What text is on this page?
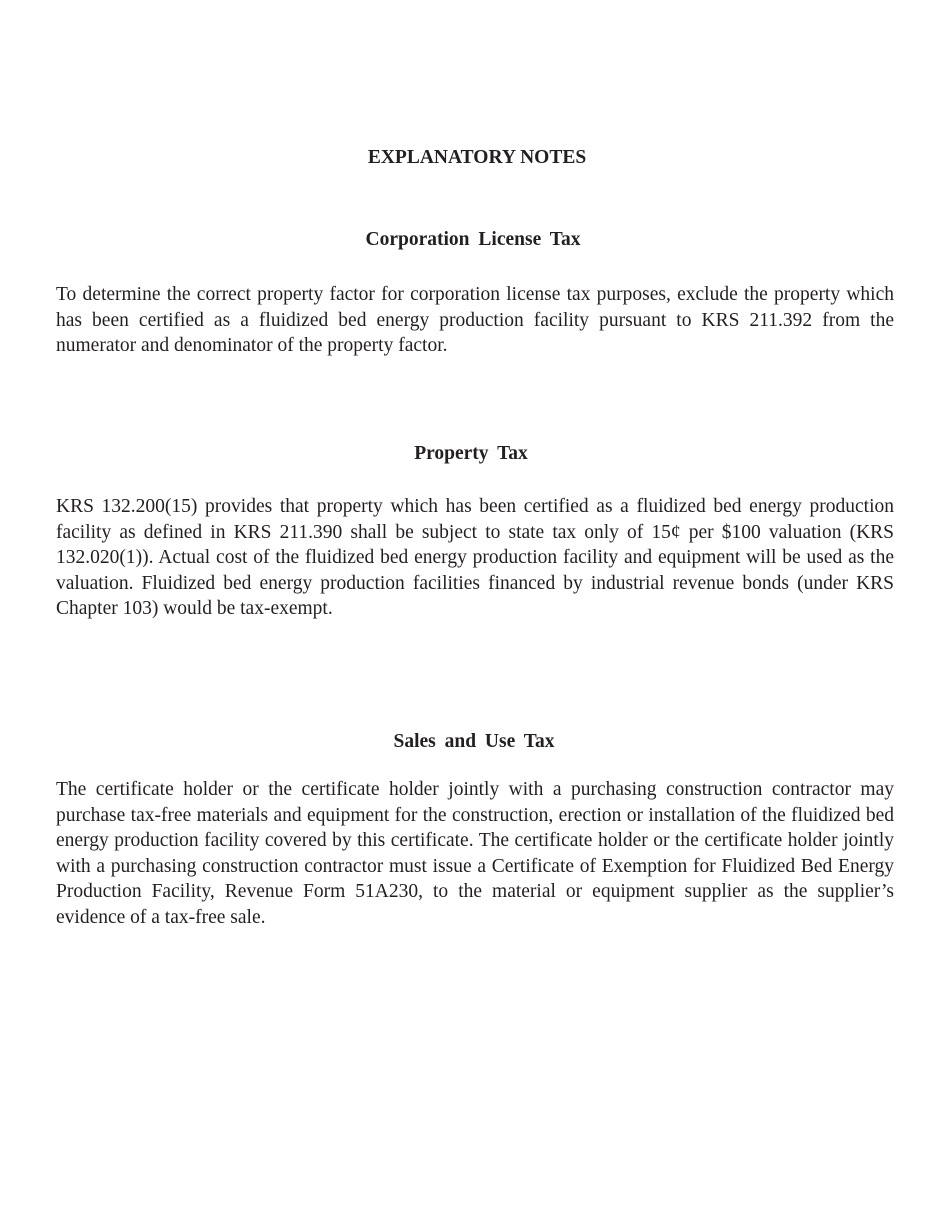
EXPLANATORY NOTES
Corporation License Tax

To determine the correct property factor for corporation license tax purposes, exclude the property which has been certified as a fluidized bed energy production facility pursuant to KRS 211.392 from the numerator and denominator of the property factor.

Property Tax

KRS 132.200(15) provides that property which has been certified as a fluidized bed energy production facility as defined in KRS 211.390 shall be subject to state tax only of 15¢ per $100 valuation (KRS 132.020(1)). Actual cost of the fluidized bed energy production facility and equipment will be used as the valuation. Fluidized bed energy production facilities financed by industrial revenue bonds (under KRS Chapter 103) would be tax-exempt.

Sales and Use Tax

The certificate holder or the certificate holder jointly with a purchasing construction contractor may purchase tax-free materials and equipment for the construction, erection or installation of the fluidized bed energy production facility covered by this certificate. The certificate holder or the certificate holder jointly with a purchasing construction contractor must issue a Certificate of Exemption for Fluidized Bed Energy Production Facility, Revenue Form 51A230, to the material or equipment supplier as the supplier’s evidence of a tax-free sale.
